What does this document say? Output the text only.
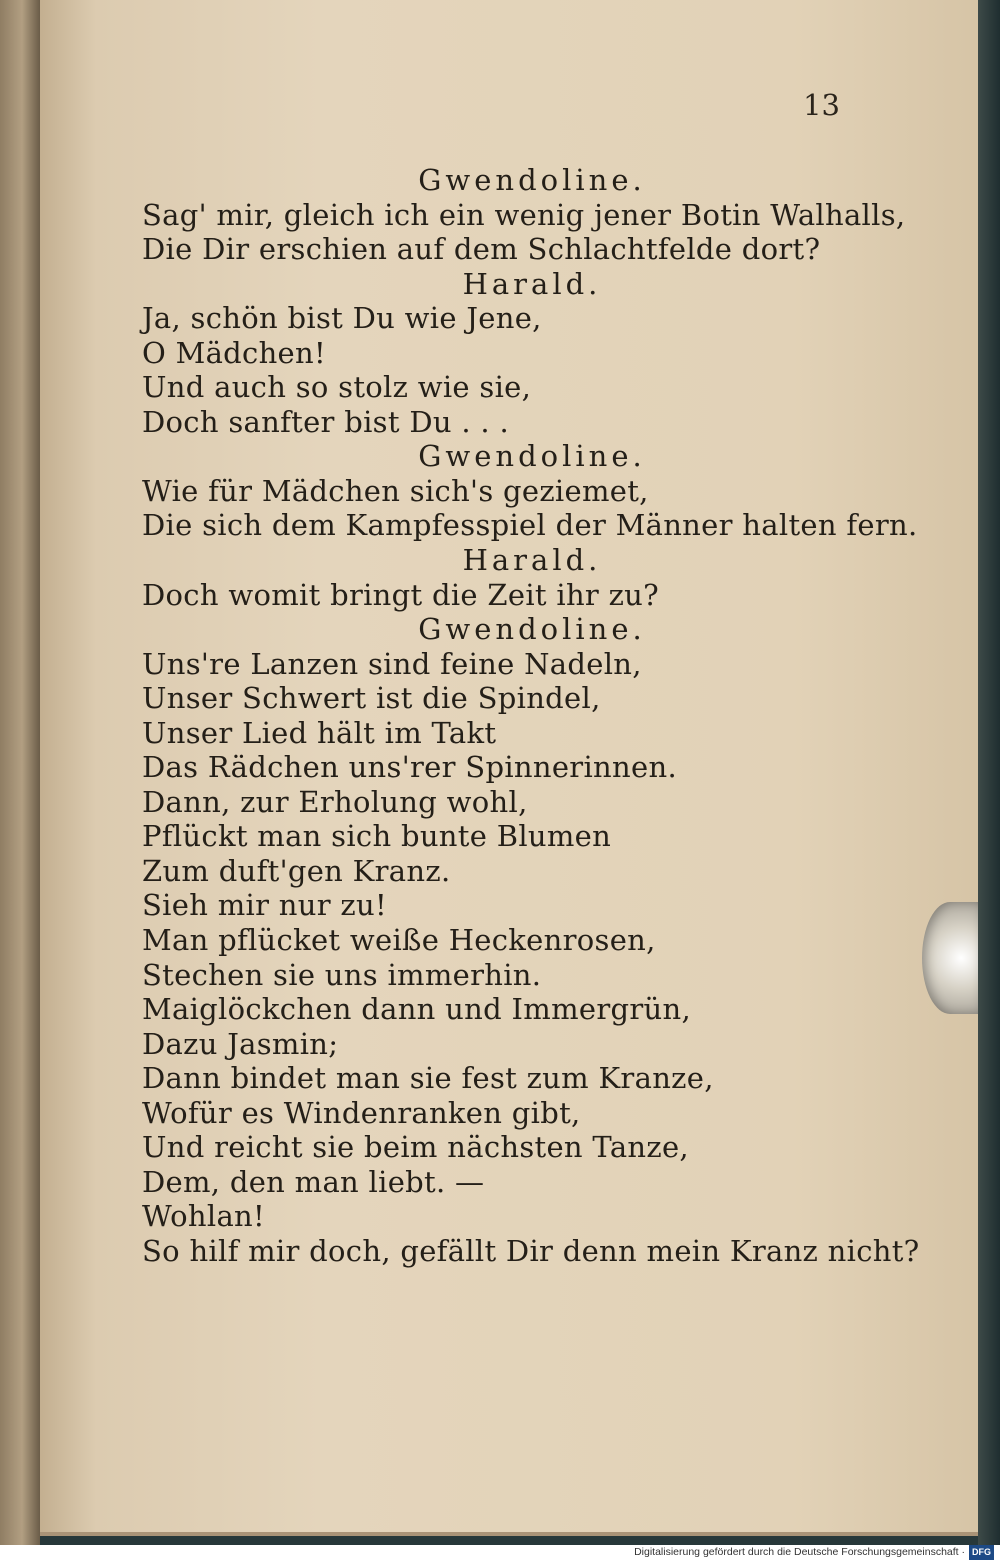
13
Gwendoline.
Sag' mir, gleich ich ein wenig jener Botin Walhalls,
Die Dir erschien auf dem Schlachtfelde dort?
Harald.
Ja, schön bist Du wie Jene,
O Mädchen!
Und auch so stolz wie sie,
Doch sanfter bist Du . . .
Gwendoline.
Wie für Mädchen sich's geziemet,
Die sich dem Kampfesspiel der Männer halten fern.
Harald.
Doch womit bringt die Zeit ihr zu?
Gwendoline.
Uns're Lanzen sind feine Nadeln,
Unser Schwert ist die Spindel,
Unser Lied hält im Takt
Das Rädchen uns'rer Spinnerinnen.
Dann, zur Erholung wohl,
Pflückt man sich bunte Blumen
Zum duft'gen Kranz.
Sieh mir nur zu!
Man pflücket weiße Heckenrosen,
Stechen sie uns immerhin.
Maiglöckchen dann und Immergrün,
Dazu Jasmin;
Dann bindet man sie fest zum Kranze,
Wofür es Windenranken gibt,
Und reicht sie beim nächsten Tanze,
Dem, den man liebt. —
Wohlan!
So hilf mir doch, gefällt Dir denn mein Kranz nicht?
Digitalisierung gefördert durch die Deutsche Forschungsgemeinschaft · DFG
